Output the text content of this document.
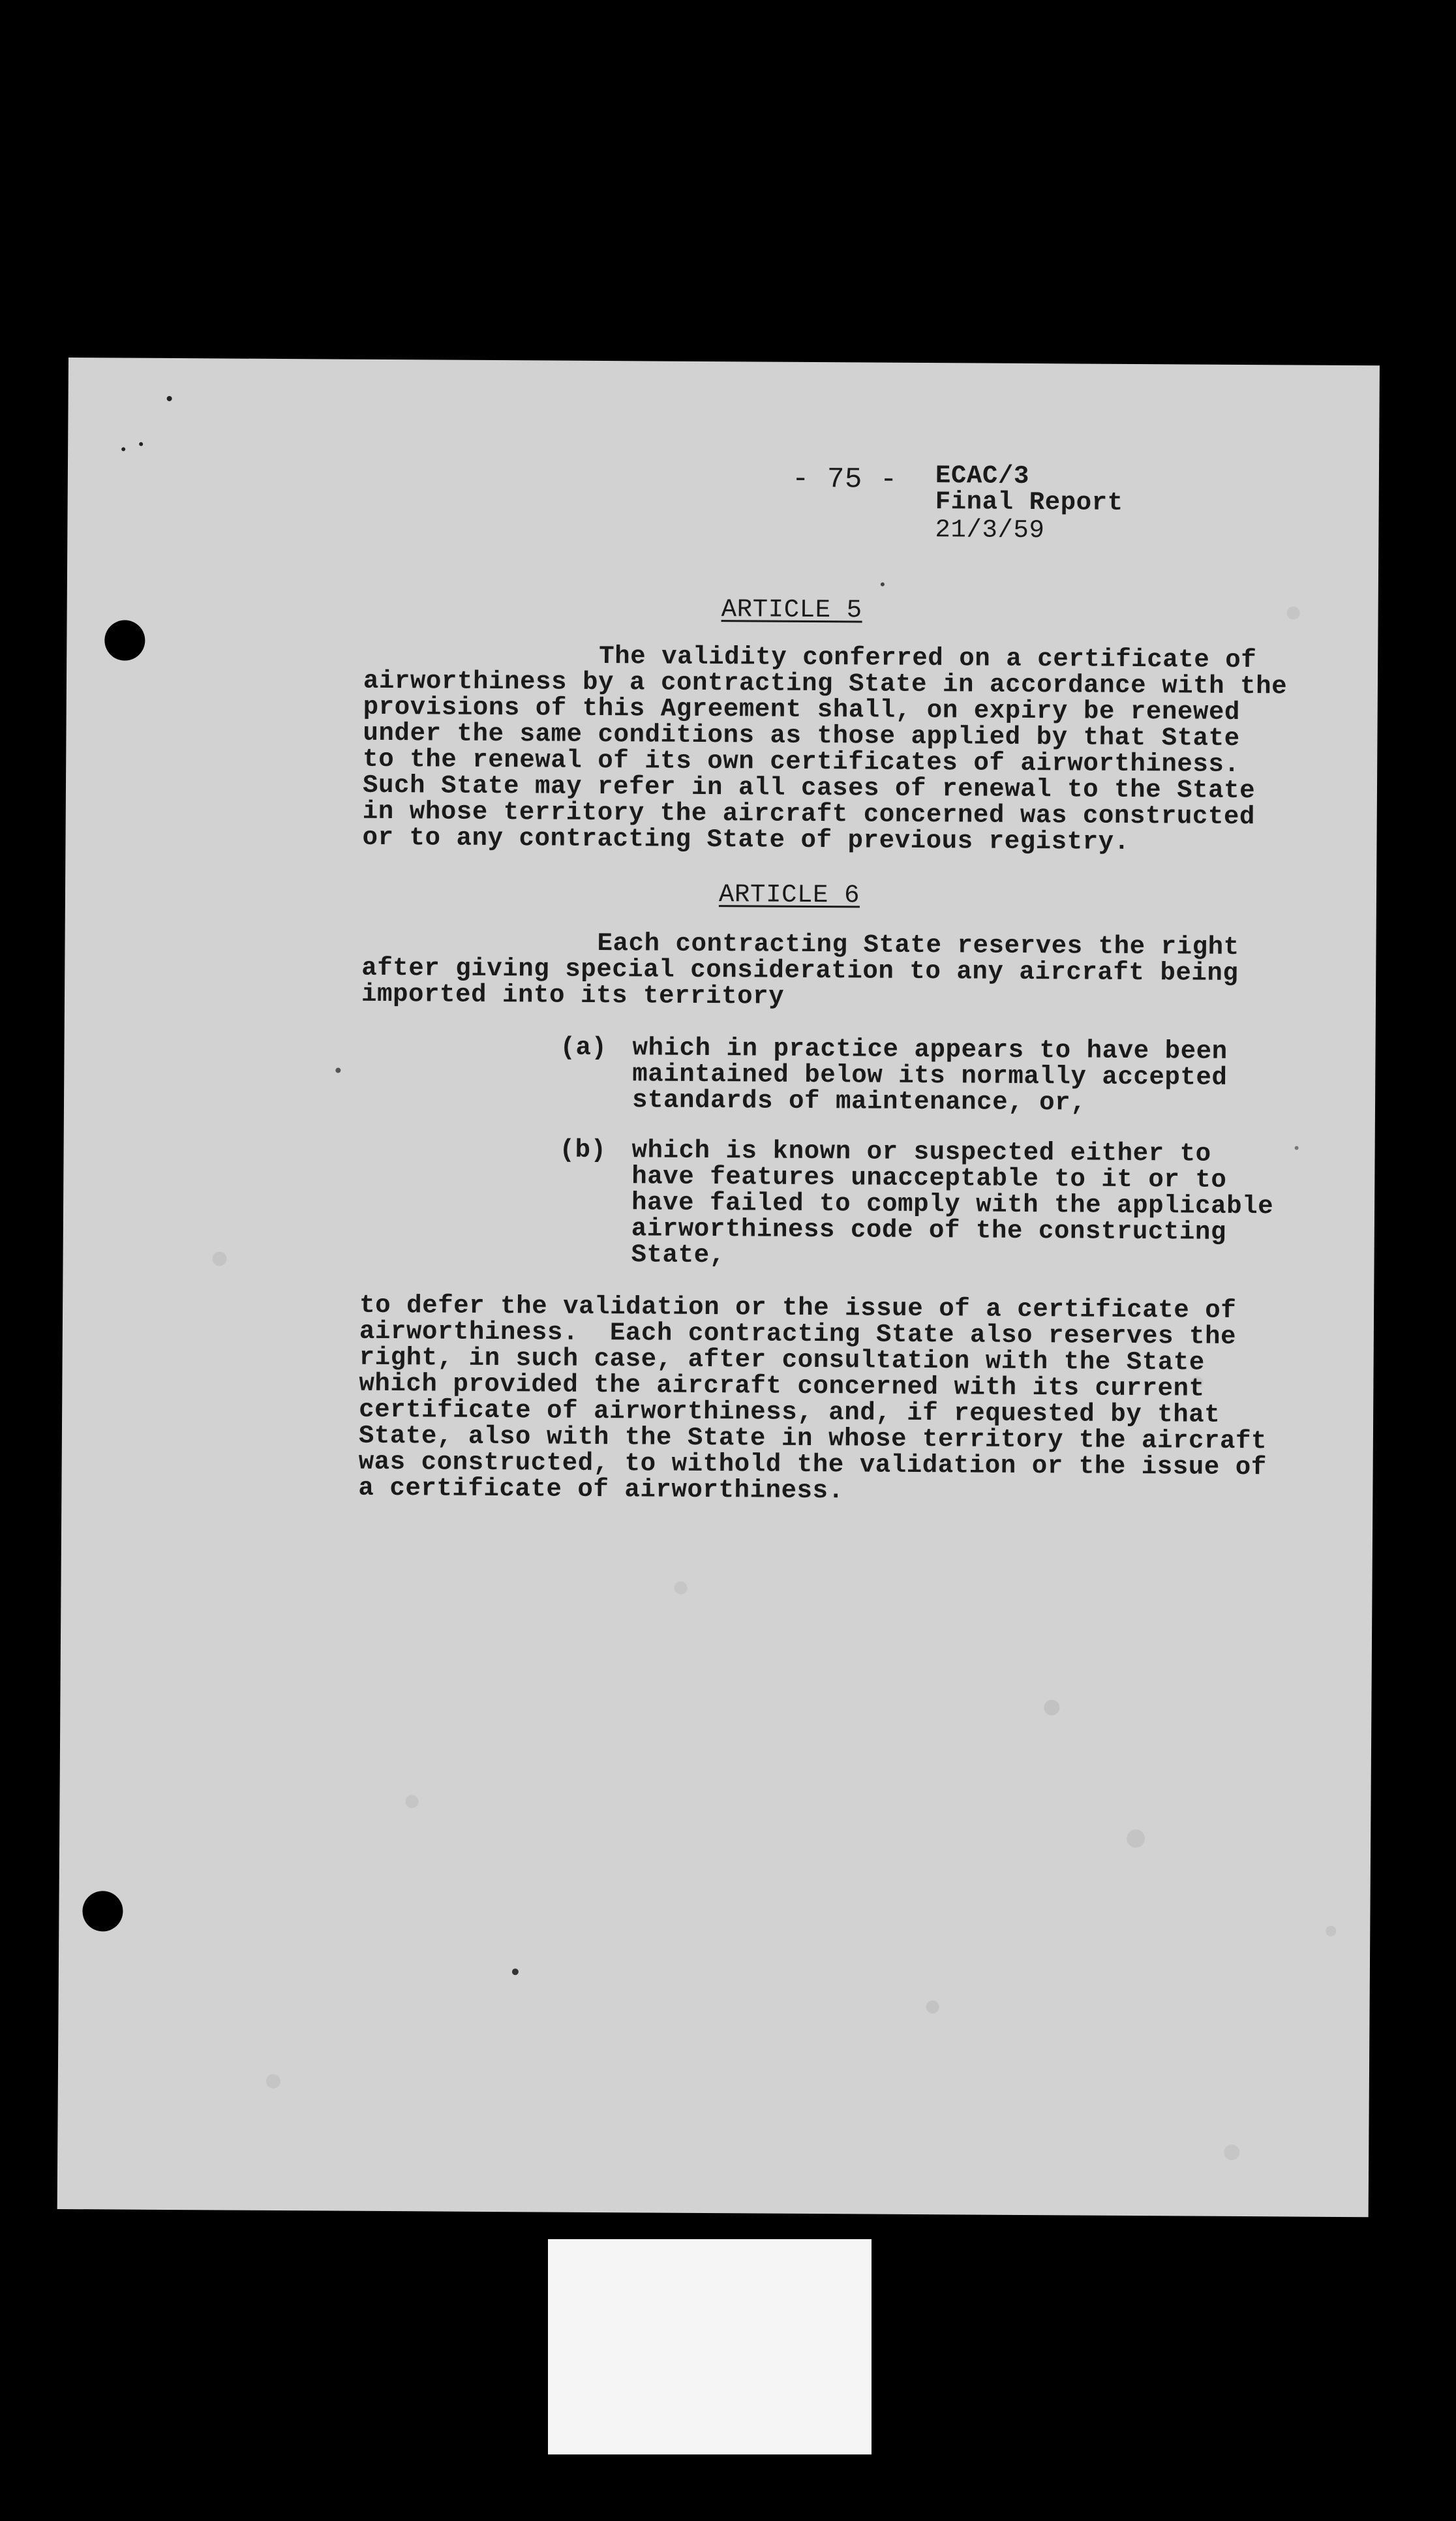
- 75 - ECAC/3
Final Report
21/3/59
ARTICLE 5
The validity conferred on a certificate of
airworthiness by a contracting State in accordance with the
provisions of this Agreement shall, on expiry be renewed
under the same conditions as those applied by that State
to the renewal of its own certificates of airworthiness.
Such State may refer in all cases of renewal to the State
in whose territory the aircraft concerned was constructed
or to any contracting State of previous registry.
ARTICLE 6
Each contracting State reserves the right
after giving special consideration to any aircraft being
imported into its territory
(a) which in practice appears to have been
maintained below its normally accepted
standards of maintenance, or,
(b) which is known or suspected either to
have features unacceptable to it or to
have failed to comply with the applicable
airworthiness code of the constructing
State,
to defer the validation or the issue of a certificate of
airworthiness.  Each contracting State also reserves the
right, in such case, after consultation with the State
which provided the aircraft concerned with its current
certificate of airworthiness, and, if requested by that
State, also with the State in whose territory the aircraft
was constructed, to withold the validation or the issue of
a certificate of airworthiness.
